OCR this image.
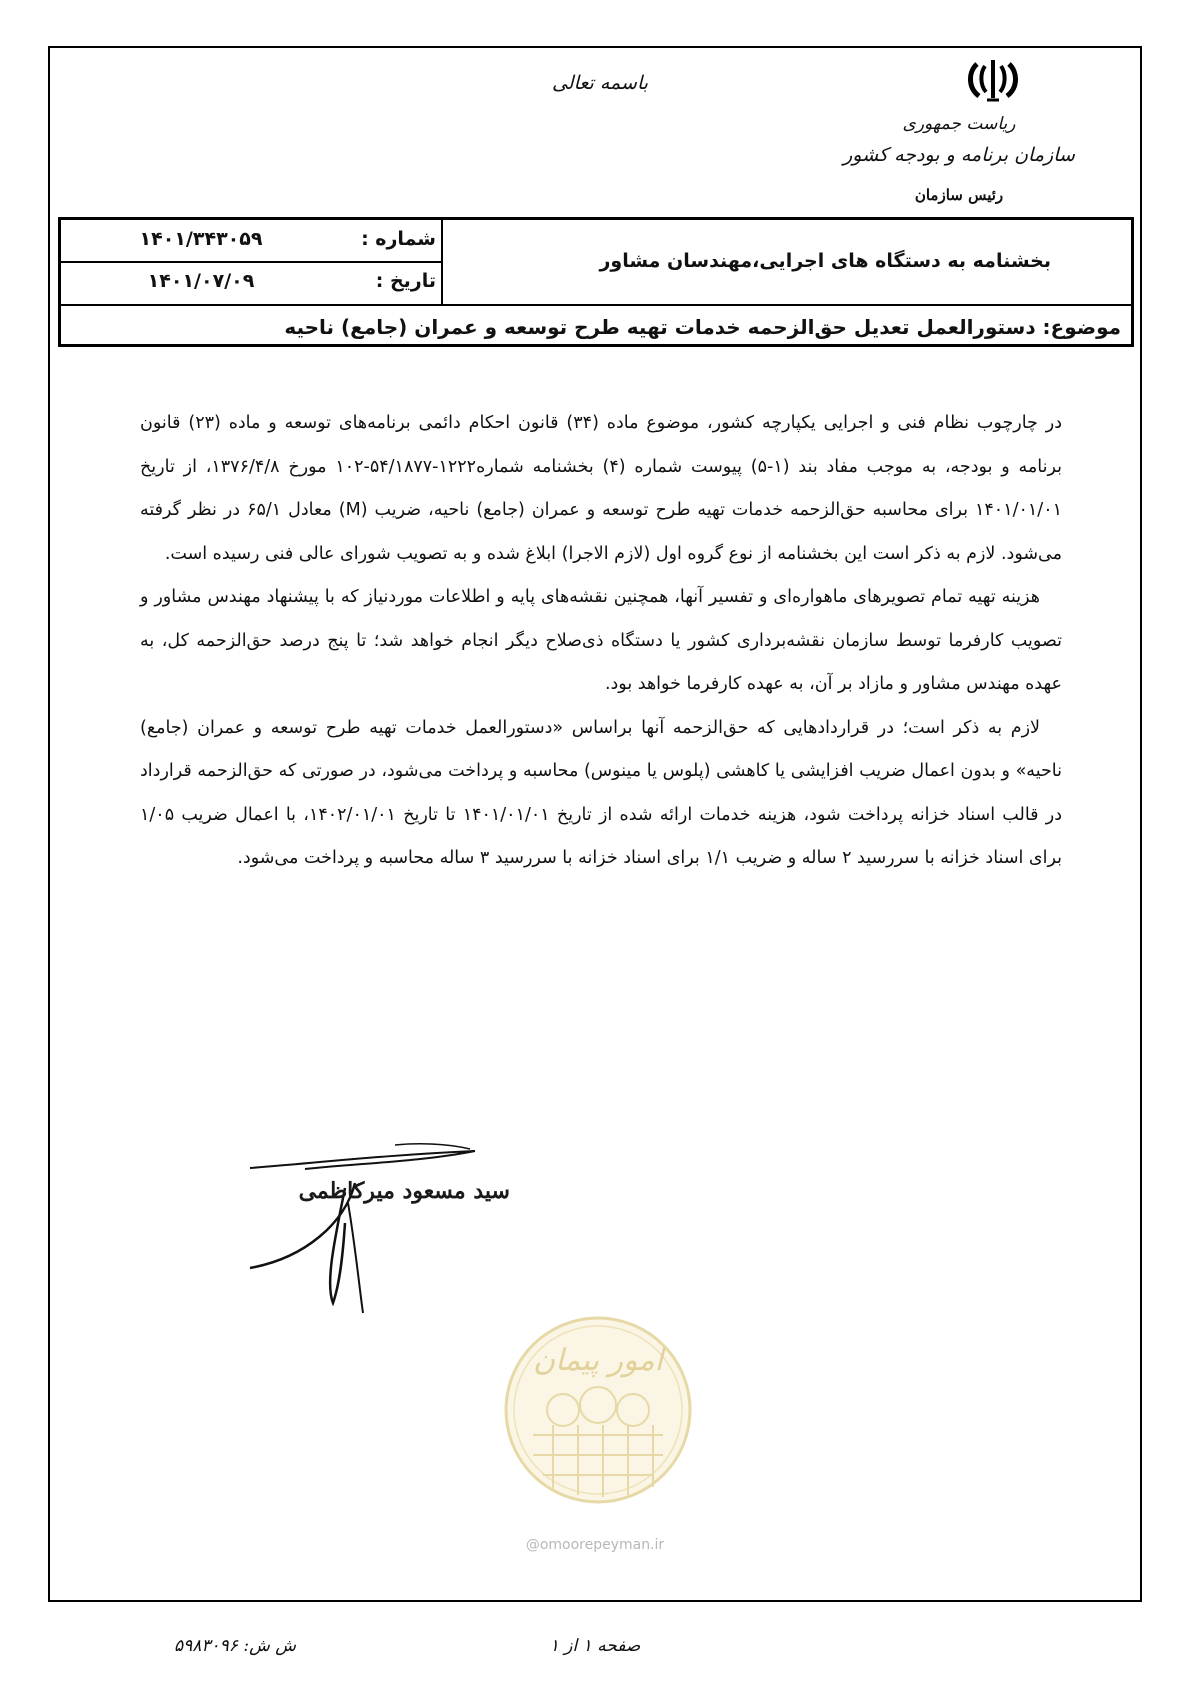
باسمه تعالی
ریاست جمهوری
سازمان برنامه و بودجه کشور
رئیس سازمان
شماره :
۱۴۰۱/۳۴۳۰۵۹
تاریخ :
۱۴۰۱/۰۷/۰۹
بخشنامه به دستگاه های اجرایی،مهندسان مشاور
موضوع: دستورالعمل تعدیل حق‌الزحمه خدمات تهیه طرح توسعه و عمران (جامع) ناحیه

در چارچوب نظام فنی و اجرایی یکپارچه کشور، موضوع ماده (۳۴) قانون احکام دائمی برنامه‌های توسعه و ماده (۲۳) قانون برنامه و بودجه، به موجب مفاد بند (۱-۵) پیوست شماره (۴) بخشنامه شماره۱۲۲۲-۵۴/۱۸۷۷-۱۰۲ مورخ ۱۳۷۶/۴/۸، از تاریخ ۱۴۰۱/۰۱/۰۱ برای محاسبه حق‌الزحمه خدمات تهیه طرح توسعه و عمران (جامع) ناحیه، ضریب (M) معادل ۶۵/۱ در نظر گرفته می‌شود. لازم به ذکر است این بخشنامه از نوع گروه اول (لازم الاجرا) ابلاغ شده و به تصویب شورای عالی فنی رسیده است.

هزینه تهیه تمام تصویرهای ماهواره‌ای و تفسیر آنها، همچنین نقشه‌های پایه و اطلاعات موردنیاز که با پیشنهاد مهندس مشاور و تصویب کارفرما توسط سازمان نقشه‌برداری کشور یا دستگاه ذی‌صلاح دیگر انجام خواهد شد؛ تا پنج درصد حق‌الزحمه کل، به عهده مهندس مشاور و مازاد بر آن، به عهده کارفرما خواهد بود.

لازم به ذکر است؛ در قراردادهایی که حق‌الزحمه آنها براساس «دستورالعمل خدمات تهیه طرح توسعه و عمران (جامع) ناحیه» و بدون اعمال ضریب افزایشی یا کاهشی (پلوس یا مینوس) محاسبه و پرداخت می‌شود، در صورتی که حق‌الزحمه قرارداد در قالب اسناد خزانه پرداخت شود، هزینه خدمات ارائه شده از تاریخ ۱۴۰۱/۰۱/۰۱ تا تاریخ ۱۴۰۲/۰۱/۰۱، با اعمال ضریب ۱/۰۵ برای اسناد خزانه با سررسید ۲ ساله و ضریب ۱/۱ برای اسناد خزانه با سررسید ۳ ساله محاسبه و پرداخت می‌شود.

سید مسعود میرکاظمی
امور پیمان
@omoorepeyman.ir
صفحه ۱ از ۱
ش ش: ۵۹۸۳۰۹۶
